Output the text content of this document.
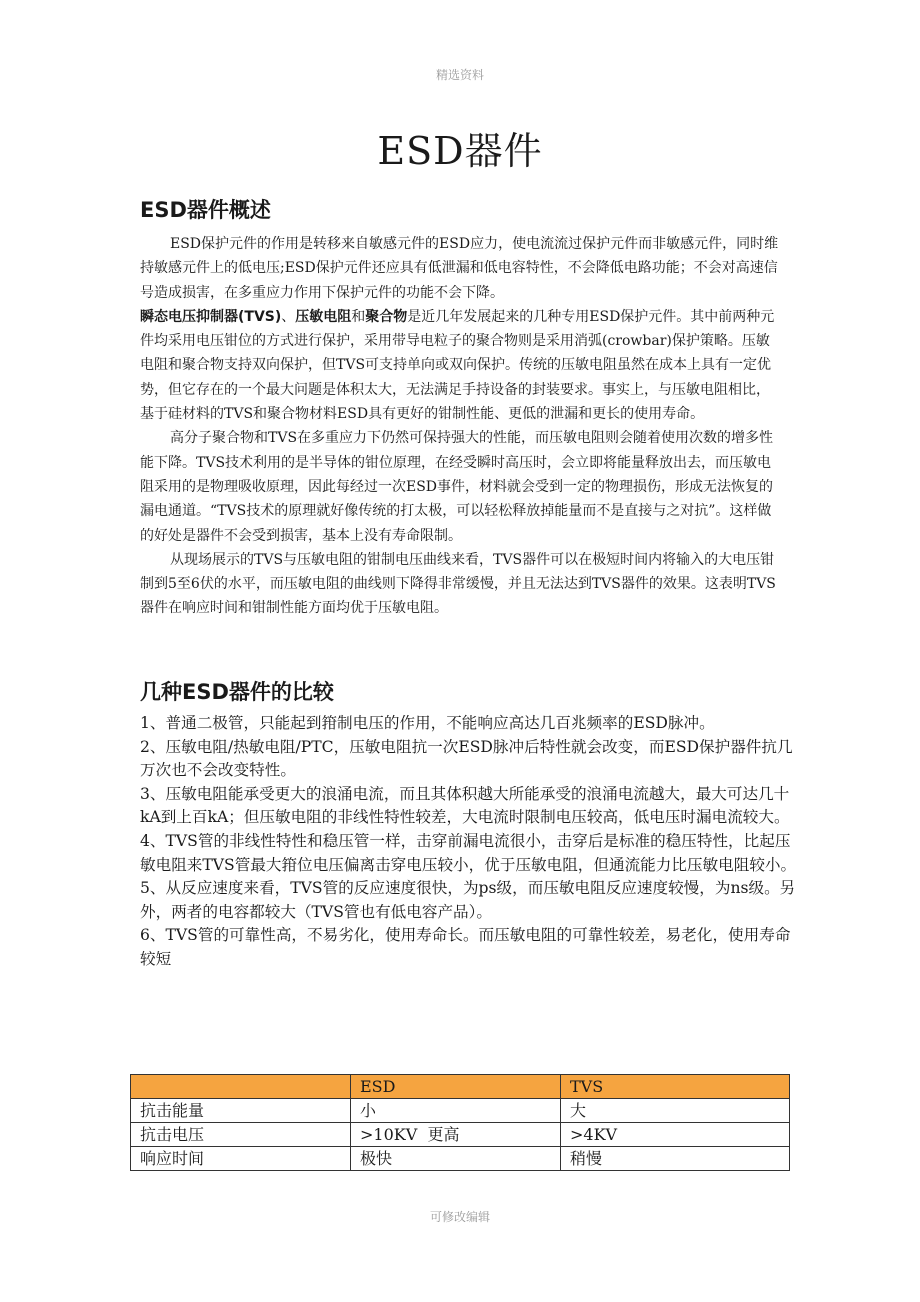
精选资料
ESD器件
ESD器件概述

ESD保护元件的作用是转移来自敏感元件的ESD应力，使电流流过保护元件而非敏感元件，同时维持敏感元件上的低电压;ESD保护元件还应具有低泄漏和低电容特性，不会降低电路功能；不会对高速信号造成损害，在多重应力作用下保护元件的功能不会下降。

瞬态电压抑制器(TVS)、压敏电阻和聚合物是近几年发展起来的几种专用ESD保护元件。其中前两种元件均采用电压钳位的方式进行保护，采用带导电粒子的聚合物则是采用消弧(crowbar)保护策略。压敏电阻和聚合物支持双向保护，但TVS可支持单向或双向保护。传统的压敏电阻虽然在成本上具有一定优势，但它存在的一个最大问题是体积太大，无法满足手持设备的封装要求。事实上，与压敏电阻相比，基于硅材料的TVS和聚合物材料ESD具有更好的钳制性能、更低的泄漏和更长的使用寿命。

高分子聚合物和TVS在多重应力下仍然可保持强大的性能，而压敏电阻则会随着使用次数的增多性能下降。TVS技术利用的是半导体的钳位原理，在经受瞬时高压时，会立即将能量释放出去，而压敏电阻采用的是物理吸收原理，因此每经过一次ESD事件，材料就会受到一定的物理损伤，形成无法恢复的漏电通道。“TVS技术的原理就好像传统的打太极，可以轻松释放掉能量而不是直接与之对抗”。这样做的好处是器件不会受到损害，基本上没有寿命限制。

从现场展示的TVS与压敏电阻的钳制电压曲线来看，TVS器件可以在极短时间内将输入的大电压钳制到5至6伏的水平，而压敏电阻的曲线则下降得非常缓慢，并且无法达到TVS器件的效果。这表明TVS器件在响应时间和钳制性能方面均优于压敏电阻。

几种ESD器件的比较

1、普通二极管，只能起到箝制电压的作用，不能响应高达几百兆频率的ESD脉冲。

2、压敏电阻/热敏电阻/PTC，压敏电阻抗一次ESD脉冲后特性就会改变，而ESD保护器件抗几万次也不会改变特性。

3、压敏电阻能承受更大的浪涌电流，而且其体积越大所能承受的浪涌电流越大，最大可达几十kA到上百kA；但压敏电阻的非线性特性较差，大电流时限制电压较高，低电压时漏电流较大。

4、TVS管的非线性特性和稳压管一样，击穿前漏电流很小，击穿后是标准的稳压特性，比起压敏电阻来TVS管最大箝位电压偏离击穿电压较小，优于压敏电阻，但通流能力比压敏电阻较小。

5、从反应速度来看，TVS管的反应速度很快，为ps级，而压敏电阻反应速度较慢，为ns级。另外，两者的电容都较大（TVS管也有低电容产品）。

6、TVS管的可靠性高，不易劣化，使用寿命长。而压敏电阻的可靠性较差，易老化，使用寿命较短

	ESD	TVS
抗击能量	小	大
抗击电压	>10KV  更高	>4KV
响应时间	极快	稍慢
可修改编辑
